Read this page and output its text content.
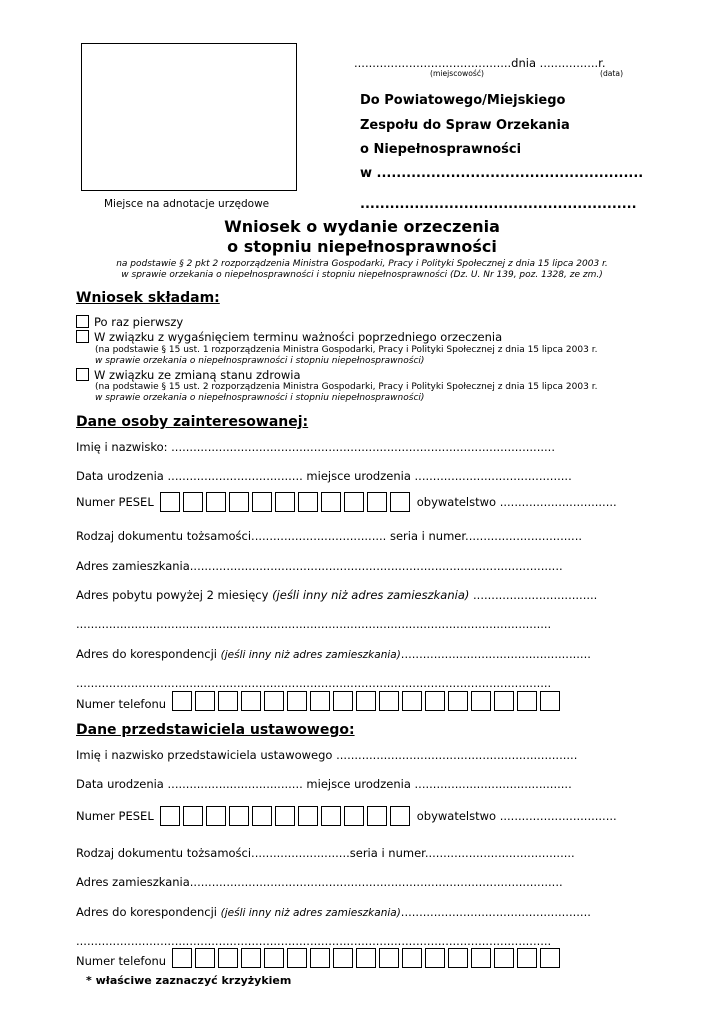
Miejsce na adnotacje urzędowe
...........................................dnia ................r.
(miejscowość)	(data)
Do Powiatowego/Miejskiego
Zespołu do Spraw Orzekania
o Niepełnosprawności
w ......................................................
........................................................
Wniosek o wydanie orzeczenia
o stopniu niepełnosprawności
na podstawie § 2 pkt 2 rozporządzenia Ministra Gospodarki, Pracy i Polityki Społecznej z dnia 15 lipca 2003 r.
w sprawie orzekania o niepełnosprawności i stopniu niepełnosprawności (Dz. U. Nr 139, poz. 1328, ze zm.)
Wniosek składam:
Po raz pierwszy
W związku z wygaśnięciem terminu ważności poprzedniego orzeczenia
(na podstawie § 15 ust. 1 rozporządzenia Ministra Gospodarki, Pracy i Polityki Społecznej z dnia 15 lipca 2003 r.
w sprawie orzekania o niepełnosprawności i stopniu niepełnosprawności)
W związku ze zmianą stanu zdrowia
(na podstawie § 15 ust. 2 rozporządzenia Ministra Gospodarki, Pracy i Polityki Społecznej z dnia 15 lipca 2003 r.
w sprawie orzekania o niepełnosprawności i stopniu niepełnosprawności)
Dane osoby zainteresowanej:
Imię i nazwisko: .........................................................................................................
Data urodzenia ..................................... miejsce urodzenia ...........................................
Numer PESEL	obywatelstwo ................................
Rodzaj dokumentu tożsamości..................................... seria i numer................................
Adres zamieszkania......................................................................................................
Adres pobytu powyżej 2 miesięcy (jeśli inny niż adres zamieszkania) ..................................
..................................................................................................................................
Adres do korespondencji (jeśli inny niż adres zamieszkania)....................................................
..................................................................................................................................
Numer telefonu
Dane przedstawiciela ustawowego:
Imię i nazwisko przedstawiciela ustawowego ..................................................................
Data urodzenia ..................................... miejsce urodzenia ...........................................
Numer PESEL	obywatelstwo ................................
Rodzaj dokumentu tożsamości...........................seria i numer.........................................
Adres zamieszkania......................................................................................................
Adres do korespondencji (jeśli inny niż adres zamieszkania)....................................................
..................................................................................................................................
Numer telefonu
* właściwe zaznaczyć krzyżykiem
